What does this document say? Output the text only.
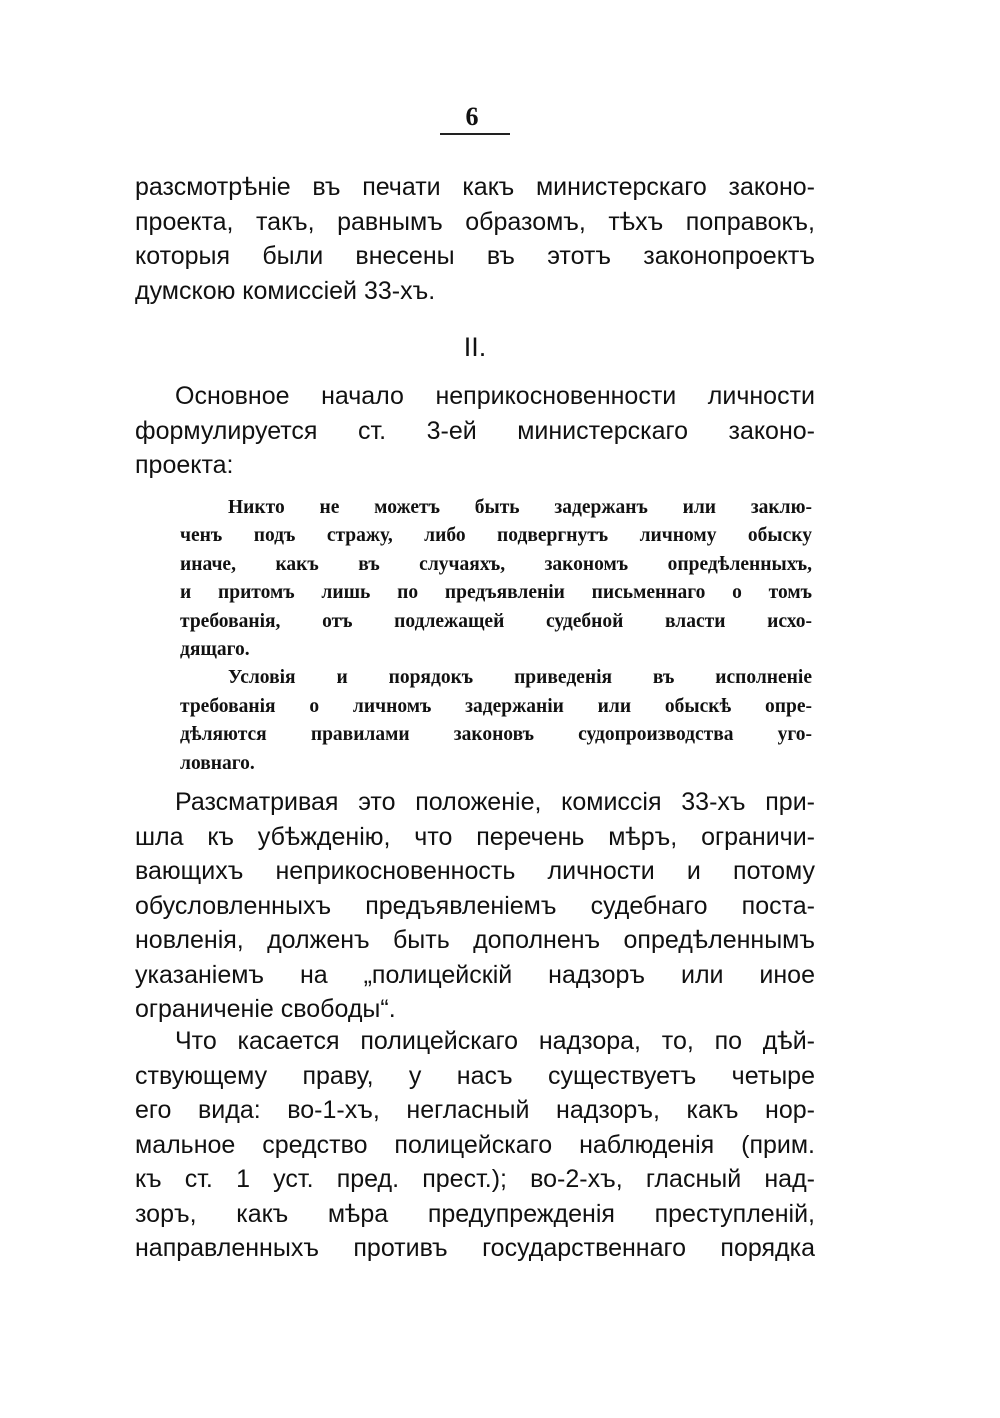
6
разсмотрѣніе въ печати какъ министерскаго законо-
проекта, такъ, равнымъ образомъ, тѣхъ поправокъ,
которыя были внесены въ этотъ законопроектъ
думскою комиссіей 33-хъ.
II.
Основное начало неприкосновенности личности
формулируется ст. 3-ей министерскаго законо-
проекта:
Никто не можетъ быть задержанъ или заклю-
ченъ подъ стражу, либо подвергнутъ личному обыску
иначе, какъ въ случаяхъ, закономъ опредѣленныхъ,
и притомъ лишь по предъявленіи письменнаго о томъ
требованія, отъ подлежащей судебной власти исхо-
дящаго.
Условія и порядокъ приведенія въ исполненіе
требованія о личномъ задержаніи или обыскѣ опре-
дѣляются правилами законовъ судопроизводства уго-
ловнаго.
Разсматривая это положеніе, комиссія 33-хъ при-
шла къ убѣжденію, что перечень мѣръ, ограничи-
вающихъ неприкосновенность личности и потому
обусловленныхъ предъявленіемъ судебнаго поста-
новленія, долженъ быть дополненъ опредѣленнымъ
указаніемъ на „полицейскій надзоръ или иное
ограниченіе свободы“.
Что касается полицейскаго надзора, то, по дѣй-
ствующему праву, у насъ существуетъ четыре
его вида: во-1-хъ, негласный надзоръ, какъ нор-
мальное средство полицейскаго наблюденія (прим.
къ ст. 1 уст. пред. прест.); во-2-хъ, гласный над-
зоръ, какъ мѣра предупрежденія преступленій,
направленныхъ противъ государственнаго порядка
